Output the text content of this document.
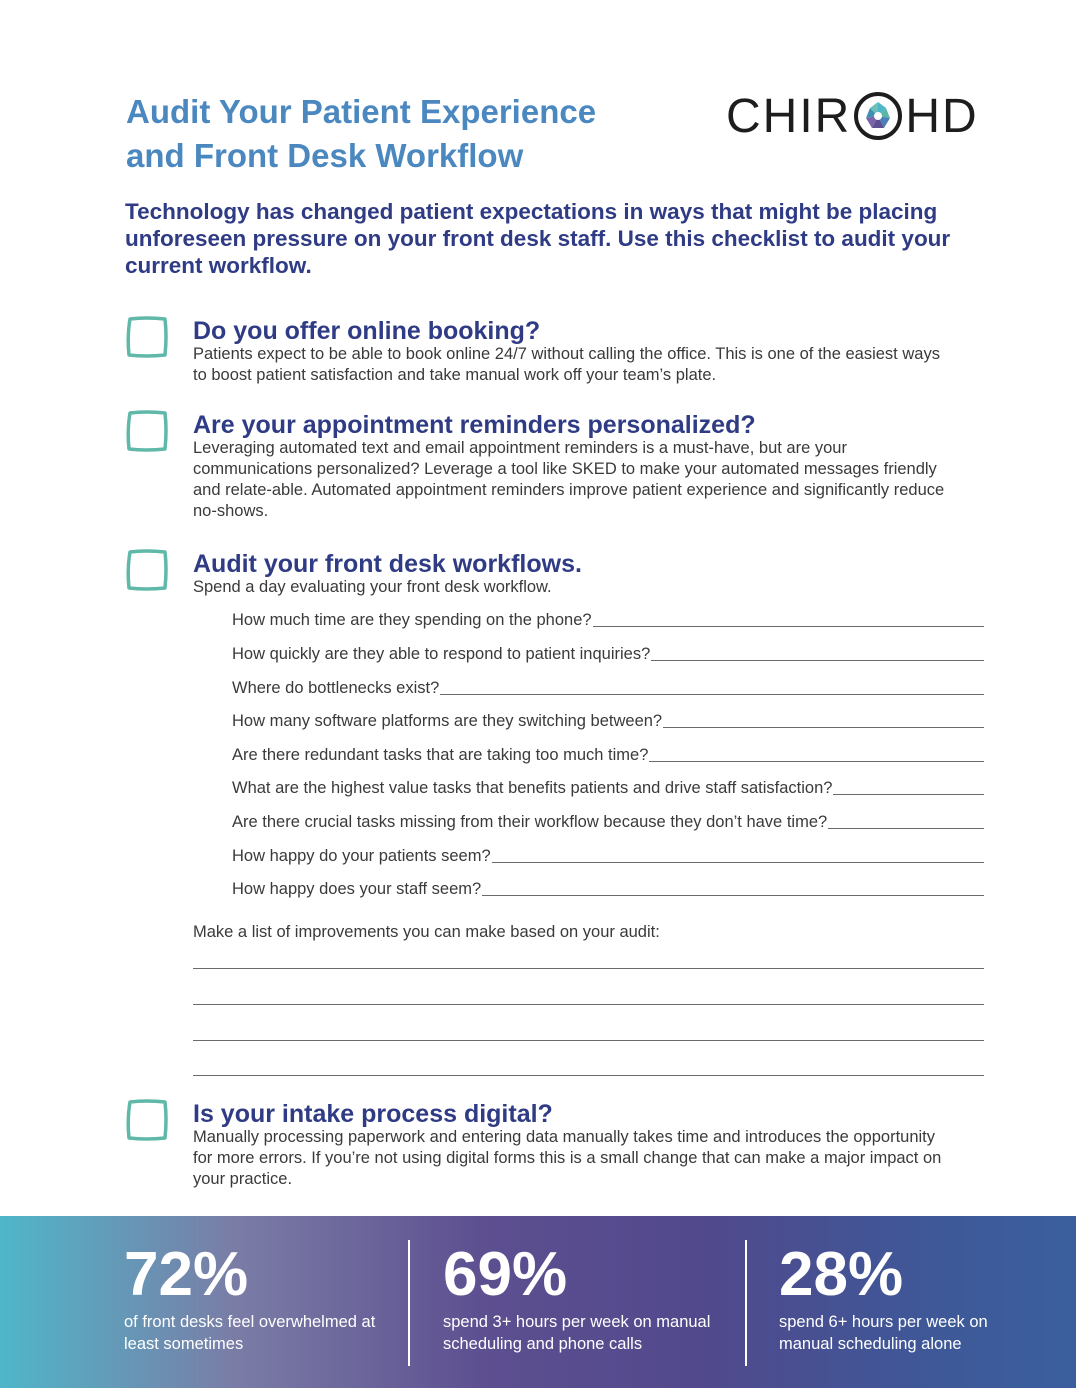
Audit Your Patient Experience
and Front Desk Workflow
CHIR HD
Technology has changed patient expectations in ways that might be placing unforeseen pressure on your front desk staff. Use this checklist to audit your current workflow.
Do you offer online booking?

Patients expect to be able to book online 24/7 without calling the office. This is one of the easiest ways to boost patient satisfaction and take manual work off your team’s plate.

Are your appointment reminders personalized?

Leveraging automated text and email appointment reminders is a must-have, but are your communications personalized? Leverage a tool like SKED to make your automated messages friendly and relate-able. Automated appointment reminders improve patient experience and significantly reduce no-shows.

Audit your front desk workflows.

Spend a day evaluating your front desk workflow.

How much time are they spending on the phone?
How quickly are they able to respond to patient inquiries?
Where do bottlenecks exist?
How many software platforms are they switching between?
Are there redundant tasks that are taking too much time?
What are the highest value tasks that benefits patients and drive staff satisfaction?
Are there crucial tasks missing from their workflow because they don’t have time?
How happy do your patients seem?
How happy does your staff seem?
Make a list of improvements you can make based on your audit:
Is your intake process digital?

Manually processing paperwork and entering data manually takes time and introduces the opportunity for more errors. If you’re not using digital forms this is a small change that can make a major impact on your practice.

72%
of front desks feel overwhelmed at least sometimes
69%
spend 3+ hours per week on manual scheduling and phone calls
28%
spend 6+ hours per week on manual scheduling alone
